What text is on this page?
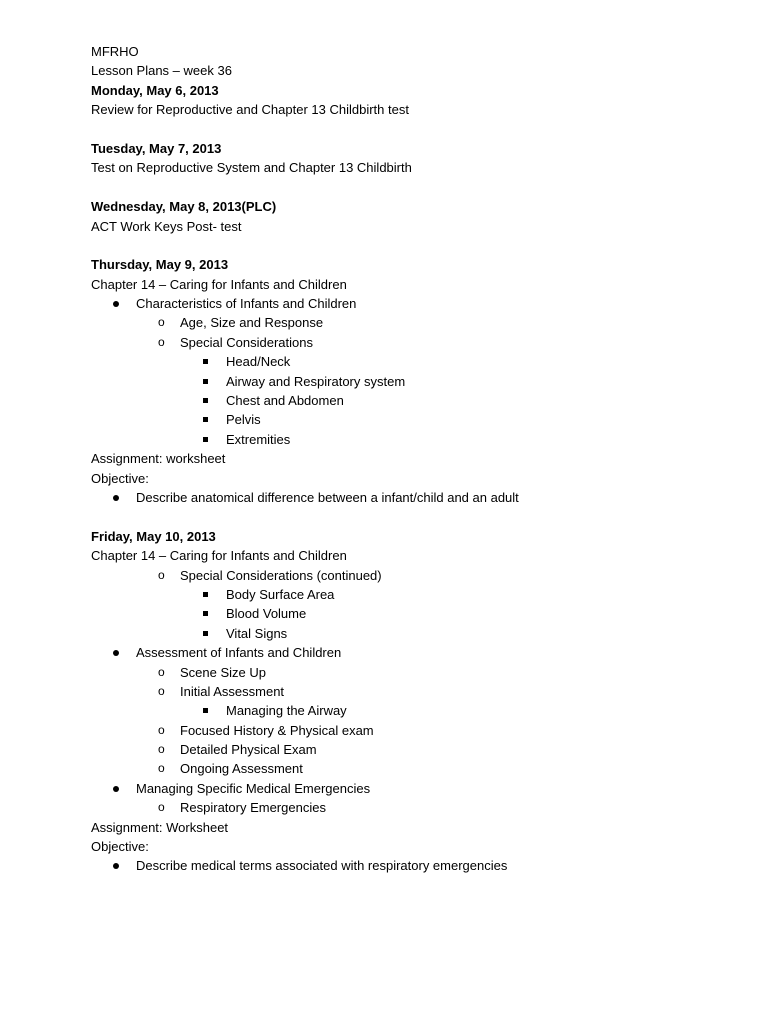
MFRHO
Lesson Plans – week 36
Monday, May 6, 2013
Review for Reproductive and Chapter 13 Childbirth test
Tuesday, May 7, 2013
Test on Reproductive System and Chapter 13 Childbirth
Wednesday, May 8, 2013(PLC)
ACT Work Keys Post- test
Thursday, May 9, 2013
Chapter 14 – Caring for Infants and Children
Characteristics of Infants and Children
o Age, Size and Response
o Special Considerations
Head/Neck
Airway and Respiratory system
Chest and Abdomen
Pelvis
Extremities
Assignment: worksheet
Objective:
Describe anatomical difference between a infant/child and an adult
Friday, May 10, 2013
Chapter 14 – Caring for Infants and Children
o Special Considerations (continued)
Body Surface Area
Blood Volume
Vital Signs
Assessment of Infants and Children
o Scene Size Up
o Initial Assessment
Managing the Airway
o Focused History & Physical exam
o Detailed Physical Exam
o Ongoing Assessment
Managing Specific Medical Emergencies
o Respiratory Emergencies
Assignment: Worksheet
Objective:
Describe medical terms associated with respiratory emergencies
